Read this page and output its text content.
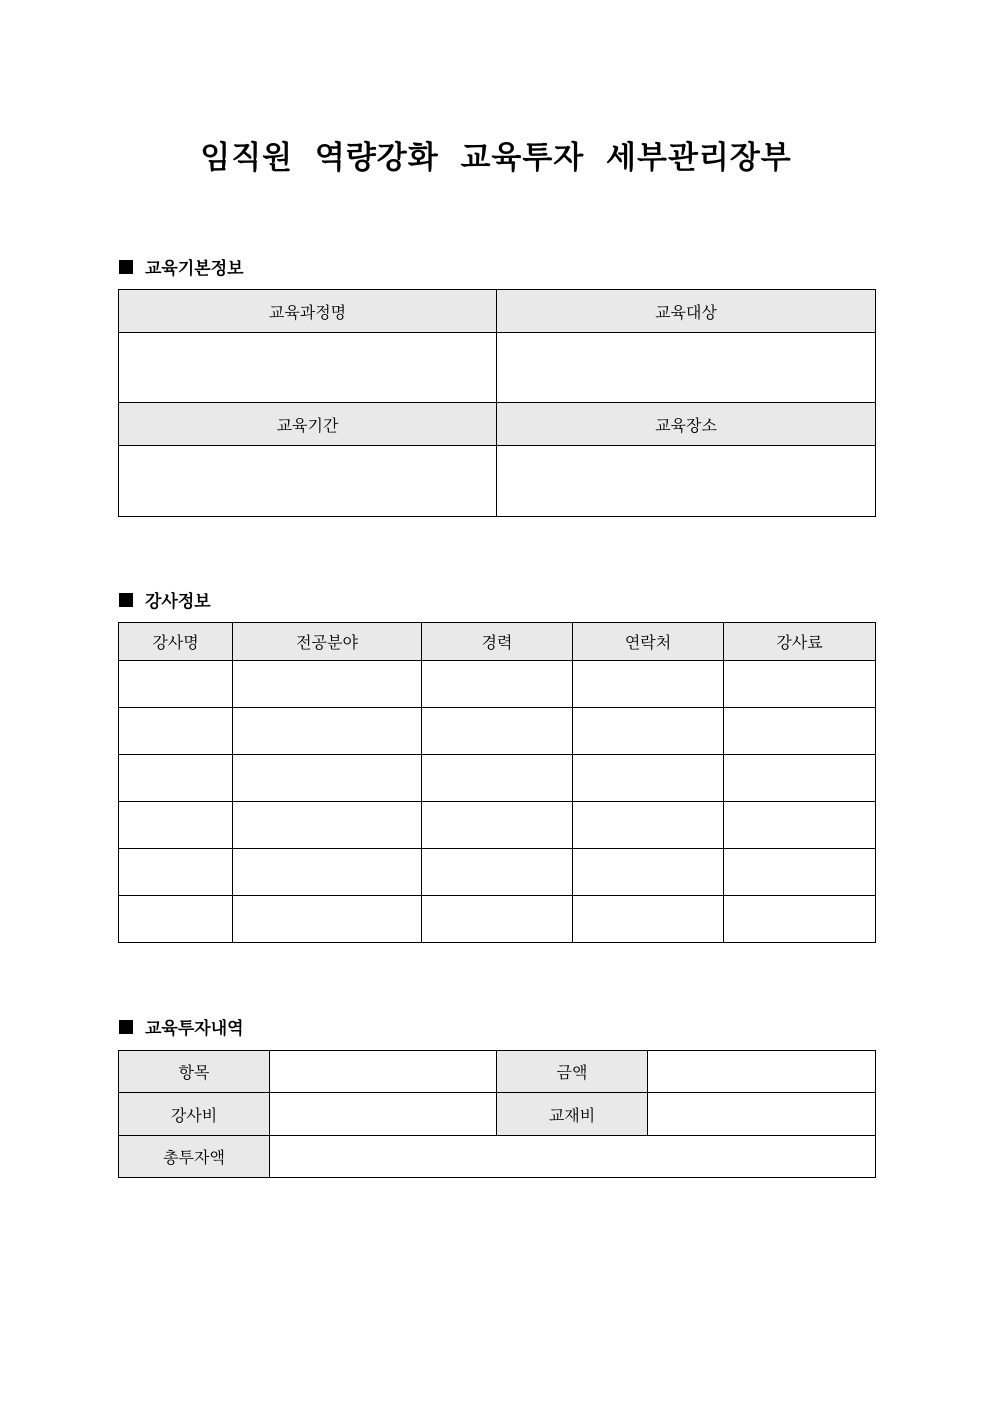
임직원 역량강화 교육투자 세부관리장부
교육기본정보
교육과정명	교육대상

교육기간	교육장소

강사정보
강사명	전공분야	경력	연락처	강사료

교육투자내역
항목		금액	
강사비		교재비	
총투자액			
